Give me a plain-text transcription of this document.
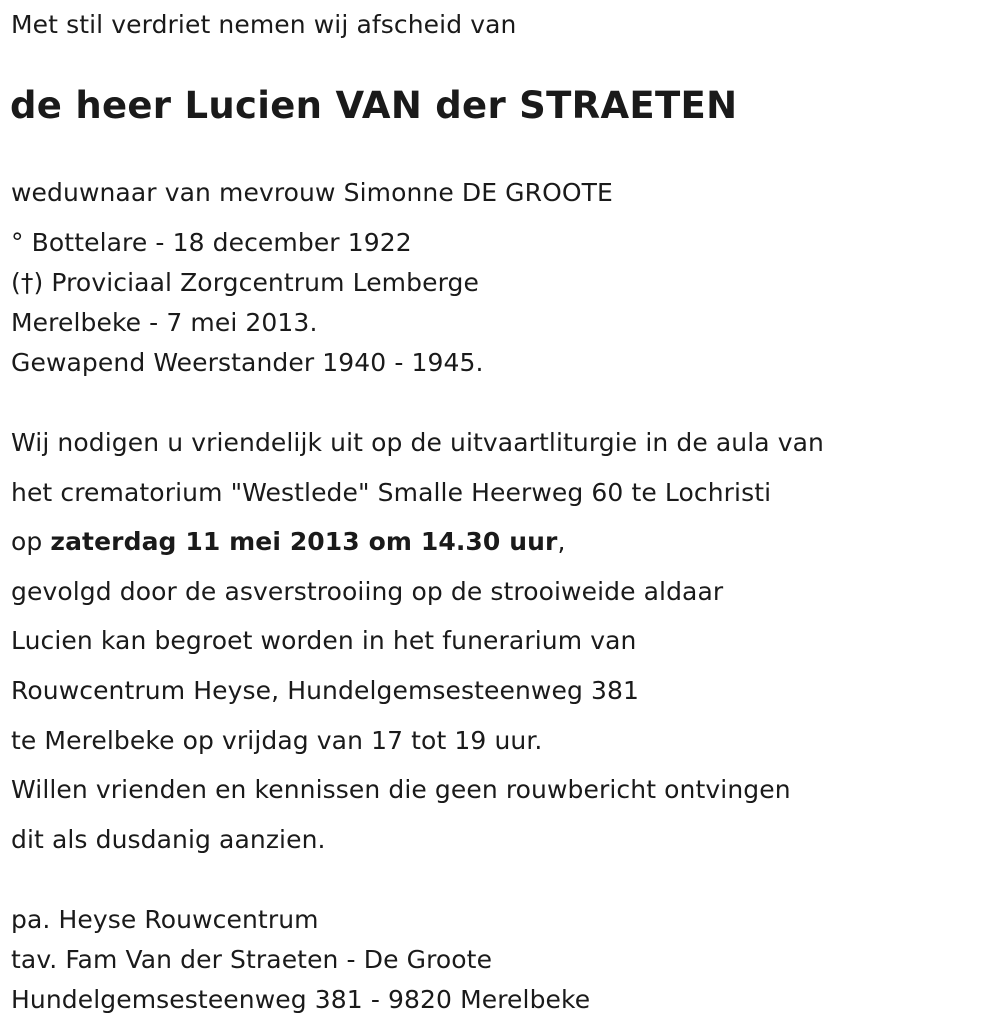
Met stil verdriet nemen wij afscheid van
de heer Lucien VAN der STRAETEN
weduwnaar van mevrouw Simonne DE GROOTE
° Bottelare - 18 december 1922
(†) Proviciaal Zorgcentrum Lemberge
Merelbeke - 7 mei 2013.
Gewapend Weerstander 1940 - 1945.
Wij nodigen u vriendelijk uit op de uitvaartliturgie in de aula van
het crematorium "Westlede" Smalle Heerweg 60 te Lochristi
op zaterdag 11 mei 2013 om 14.30 uur,
gevolgd door de asverstrooiing op de strooiweide aldaar
Lucien kan begroet worden in het funerarium van
Rouwcentrum Heyse, Hundelgemsesteenweg 381
te Merelbeke op vrijdag van 17 tot 19 uur.
Willen vrienden en kennissen die geen rouwbericht ontvingen
dit als dusdanig aanzien.
pa. Heyse Rouwcentrum
tav. Fam Van der Straeten - De Groote
Hundelgemsesteenweg 381 - 9820 Merelbeke
